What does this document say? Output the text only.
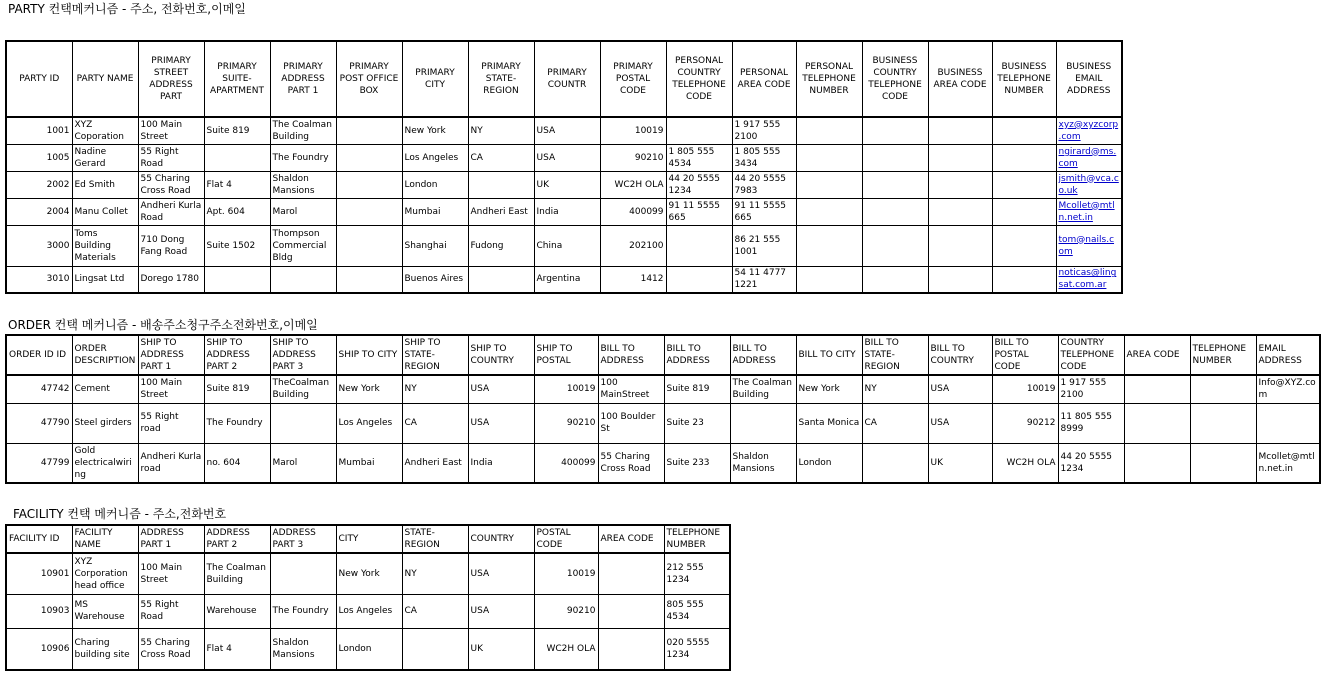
PARTY 컨택메커니즘 - 주소, 전화번호,이메일
PARTY ID	PARTY NAME	PRIMARY STREET ADDRESS PART	PRIMARY SUITE-APARTMENT	PRIMARY ADDRESS PART 1	PRIMARY POST OFFICE BOX	PRIMARY CITY	PRIMARY STATE-REGION	PRIMARY COUNTR	PRIMARY POSTAL CODE	PERSONAL COUNTRY TELEPHONE CODE	PERSONAL AREA CODE	PERSONAL TELEPHONE NUMBER	BUSINESS COUNTRY TELEPHONE CODE	BUSINESS AREA CODE	BUSINESS TELEPHONE NUMBER	BUSINESS EMAIL ADDRESS
1001	XYZ Coporation	100 Main Street	Suite 819	The Coalman Building		New York	NY	USA	10019		1 917 555 2100					xyz@xyzcorp.com
1005	Nadine Gerard	55 Right Road		The Foundry		Los Angeles	CA	USA	90210	1 805 555 4534	1 805 555 3434					ngirard@ms.com
2002	Ed Smith	55 Charing Cross Road	Flat 4	Shaldon Mansions		London		UK	WC2H OLA	44 20 5555 1234	44 20 5555 7983					jsmith@vca.co.uk
2004	Manu Collet	Andheri Kurla Road	Apt. 604	Marol		Mumbai	Andheri East	India	400099	91 11 5555 665	91 11 5555 665					Mcollet@mtln.net.in
3000	Toms Building Materials	710 Dong Fang Road	Suite 1502	Thompson Commercial Bldg		Shanghai	Fudong	China	202100		86 21 555 1001					tom@nails.com
3010	Lingsat Ltd	Dorego 1780				Buenos Aires		Argentina	1412		54 11 4777 1221					noticas@lingsat.com.ar
ORDER 컨택 메커니즘 - 배송주소청구주소전화번호,이메일
ORDER ID ID	ORDER DESCRIPTION	SHIP TO ADDRESS PART 1	SHIP TO ADDRESS PART 2	SHIP TO ADDRESS PART 3	SHIP TO CITY	SHIP TO STATE-REGION	SHIP TO COUNTRY	SHIP TO POSTAL	BILL TO ADDRESS	BILL TO ADDRESS	BILL TO ADDRESS	BILL TO CITY	BILL TO STATE-REGION	BILL TO COUNTRY	BILL TO POSTAL CODE	COUNTRY TELEPHONE CODE	AREA CODE	TELEPHONE NUMBER	EMAIL ADDRESS
47742	Cement	100 Main Street	Suite 819	TheCoalman Building	New York	NY	USA	10019	100 MainStreet	Suite 819	The Coalman Building	New York	NY	USA	10019	1 917 555 2100			Info@XYZ.com
47790	Steel girders	55 Right road	The Foundry		Los Angeles	CA	USA	90210	100 Boulder St	Suite 23		Santa Monica	CA	USA	90212	11 805 555 8999			
47799	Gold electricalwiring	Andheri Kurla road	no. 604	Marol	Mumbai	Andheri East	India	400099	55 Charing Cross Road	Suite 233	Shaldon Mansions	London		UK	WC2H OLA	44 20 5555 1234			Mcollet@mtln.net.in
FACILITY 컨택 메커니즘 - 주소,전화번호
FACILITY ID	FACILITY NAME	ADDRESS PART 1	ADDRESS PART 2	ADDRESS PART 3	CITY	STATE-REGION	COUNTRY	POSTAL CODE	AREA CODE	TELEPHONE NUMBER
10901	XYZ Corporation head office	100 Main Street	The Coalman Building		New York	NY	USA	10019		212 555 1234
10903	MS Warehouse	55 Right Road	Warehouse	The Foundry	Los Angeles	CA	USA	90210		805 555 4534
10906	Charing building site	55 Charing Cross Road	Flat 4	Shaldon Mansions	London		UK	WC2H OLA		020 5555 1234
